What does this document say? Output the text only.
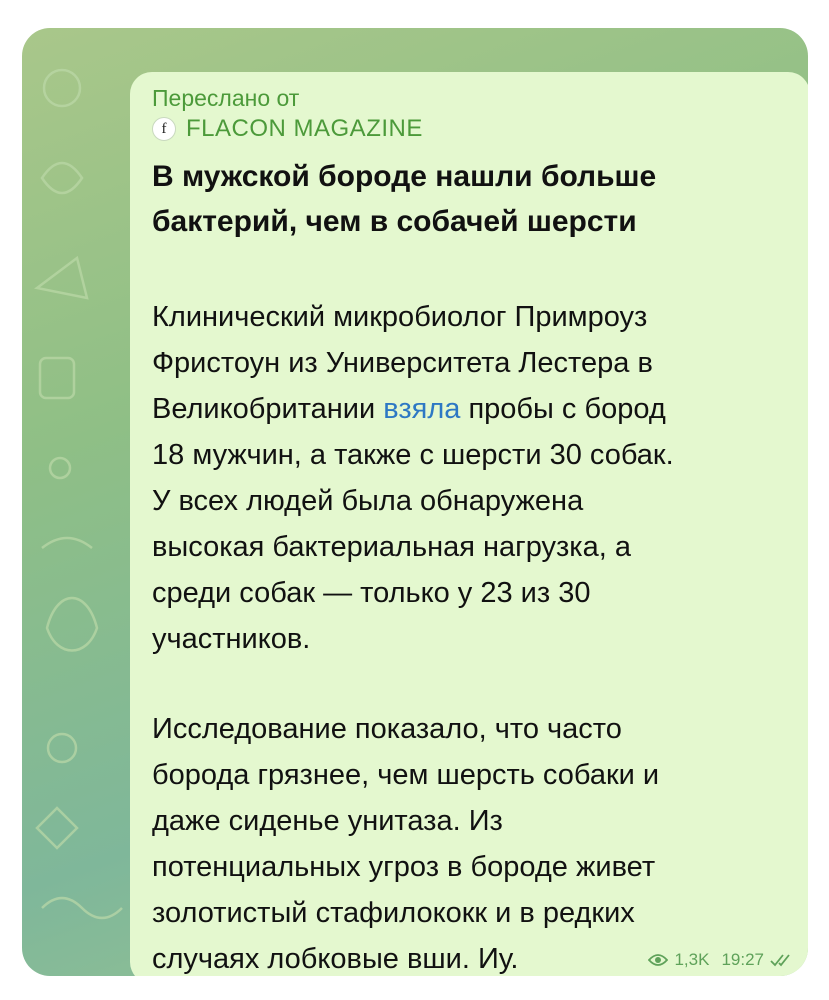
Переслано от
f FLACON MAGAZINE
В мужской бороде нашли больше
бактерий, чем в собачей шерсти
Клинический микробиолог Примроуз
Фристоун из Университета Лестера в
Великобритании взяла пробы с бород
18 мужчин, а также с шерсти 30 собак.
У всех людей была обнаружена
высокая бактериальная нагрузка, а
среди собак — только у 23 из 30
участников.
Исследование показало, что часто
борода грязнее, чем шерсть собаки и
даже сиденье унитаза. Из
потенциальных угроз в бороде живет
золотистый стафилококк и в редких
случаях лобковые вши. Иу.	1,3K 19:27
